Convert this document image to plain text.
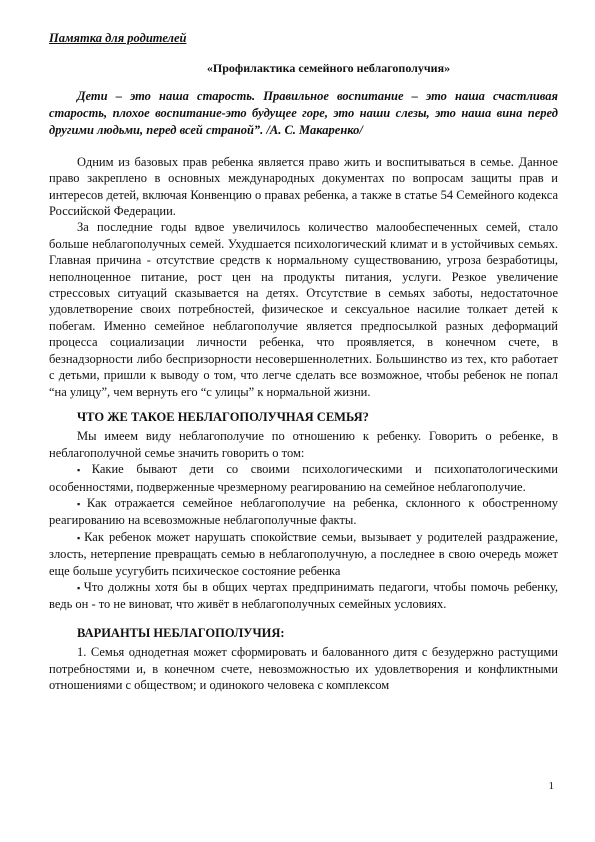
Памятка для родителей

«Профилактика семейного неблагополучия»

Дети – это наша старость. Правильное воспитание – это наша счастливая старость, плохое воспитание-это будущее горе, это наши слезы, это наша вина перед другими людьми, перед всей страной”. /А. С. Макаренко/

Одним из базовых прав ребенка является право жить и воспитываться в семье. Данное право закреплено в основных международных документах по вопросам защиты прав и интересов детей, включая Конвенцию о правах ребенка, а также в статье 54 Семейного кодекса Российской Федерации.

За последние годы вдвое увеличилось количество малообеспеченных семей, стало больше неблагополучных семей. Ухудшается психологический климат и в устойчивых семьях. Главная причина - отсутствие средств к нормальному существованию, угроза безработицы, неполноценное питание, рост цен на продукты питания, услуги. Резкое увеличение стрессовых ситуаций сказывается на детях. Отсутствие в семьях заботы, недостаточное удовлетворение своих потребностей, физическое и сексуальное насилие толкает детей к побегам. Именно семейное неблагополучие является предпосылкой разных деформаций процесса социализации личности ребенка, что проявляется, в конечном счете, в безнадзорности либо беспризорности несовершеннолетних. Большинство из тех, кто работает с детьми, пришли к выводу о том, что легче сделать все возможное, чтобы ребенок не попал “на улицу”, чем вернуть его “с улицы” к нормальной жизни.

ЧТО ЖЕ ТАКОЕ НЕБЛАГОПОЛУЧНАЯ СЕМЬЯ?

Мы имеем виду неблагополучие по отношению к ребенку. Говорить о ребенке, в неблагополучной семье значить говорить о том:

▪ Какие бывают дети со своими психологическими и психопатологическими особенностями, подверженные чрезмерному реагированию на семейное неблагополучие.

▪ Как отражается семейное неблагополучие на ребенка, склонного к обостренному реагированию на всевозможные неблагополучные факты.

▪ Как ребенок может нарушать спокойствие семьи, вызывает у родителей раздражение, злость, нетерпение превращать семью в неблагополучную, а последнее в свою очередь может еще больше усугубить психическое состояние ребенка

▪ Что должны хотя бы в общих чертах предпринимать педагоги, чтобы помочь ребенку, ведь он - то не виноват, что живёт в неблагополучных семейных условиях.

ВАРИАНТЫ НЕБЛАГОПОЛУЧИЯ:

1. Семья однодетная может сформировать и балованного дитя с безудержно растущими потребностями и, в конечном счете, невозможностью их удовлетворения и конфликтными отношениями с обществом; и одинокого человека с комплексом

1
